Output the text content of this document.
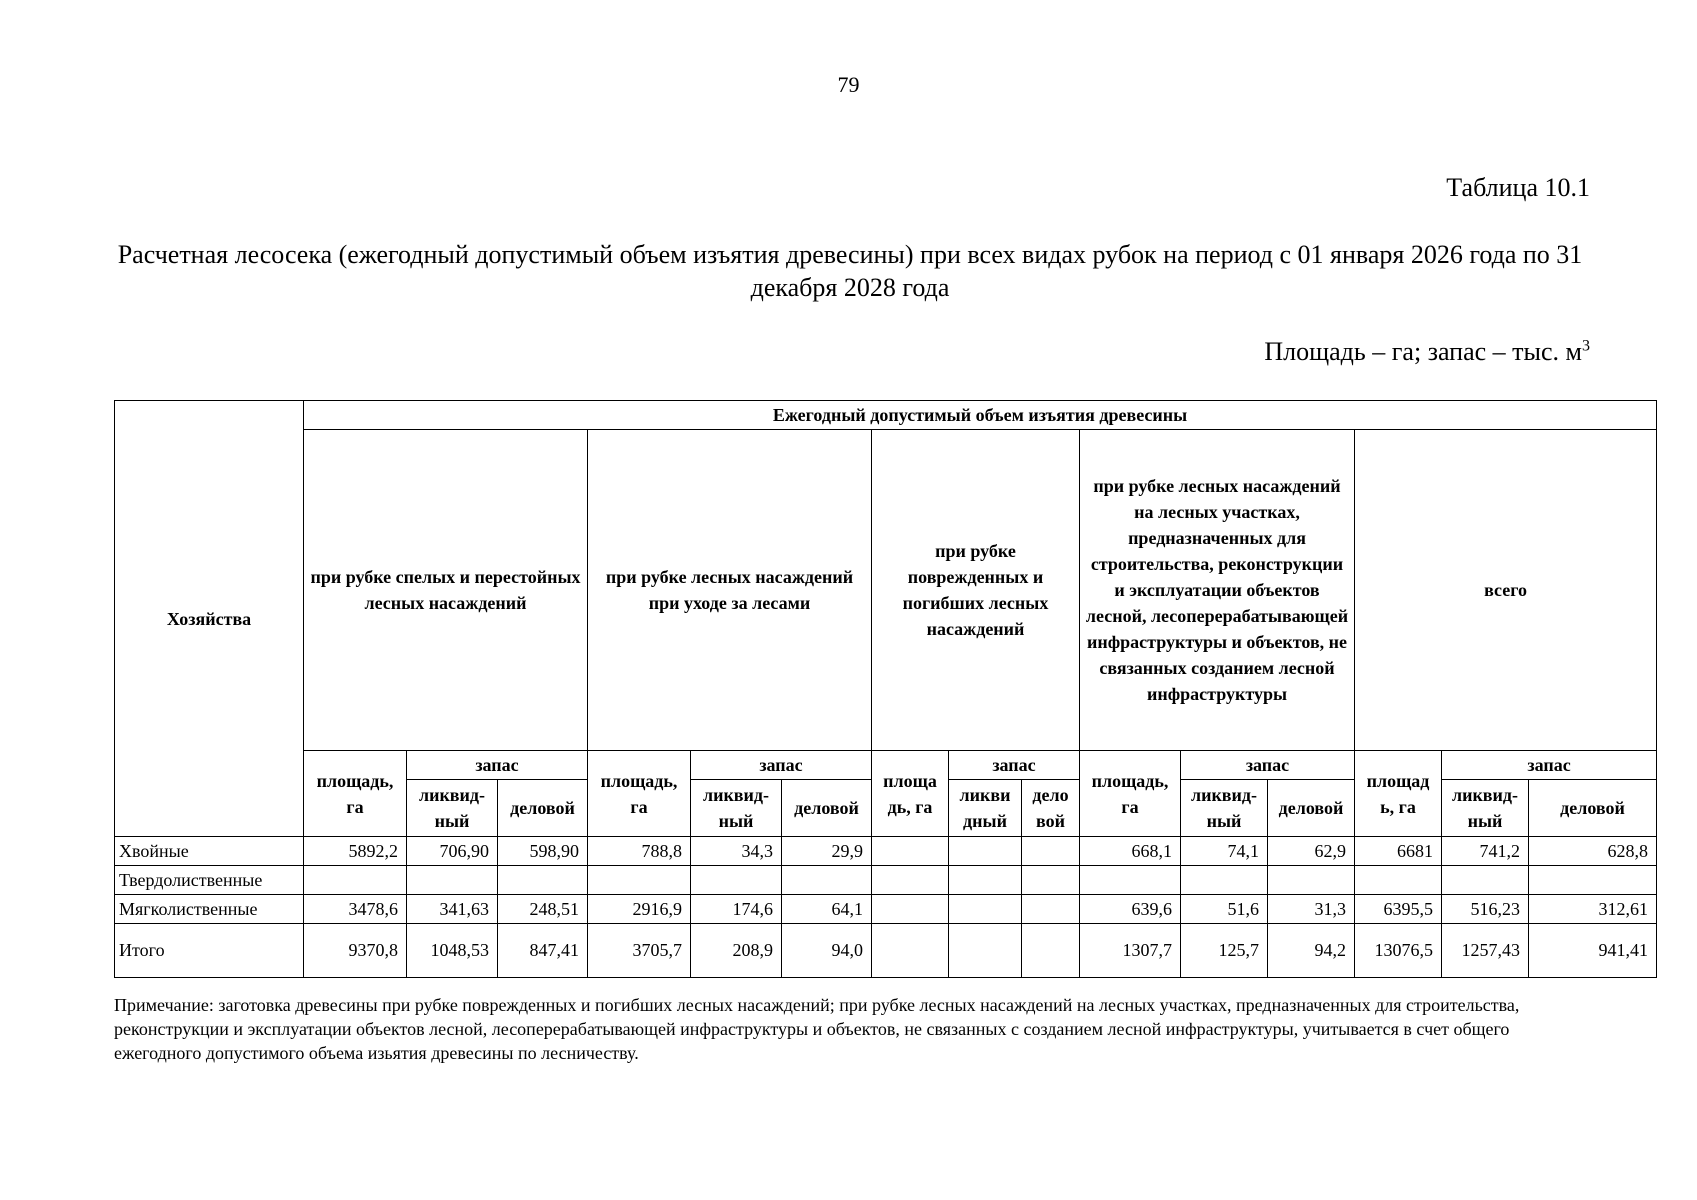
79
Таблица 10.1
Расчетная лесосека (ежегодный допустимый объем изъятия древесины) при всех видах рубок на период с 01 января 2026 года по 31 декабря 2028 года
Площадь – га; запас – тыс. $м^3$
Хозяйства	Ежегодный допустимый объем изъятия древесины														
	при рубке спелых и перестойных лесных насаждений			при рубке лесных насаждений при уходе за лесами			при рубке поврежденных и погибших лесных насаждений			при рубке лесных насаждений на лесных участках, предназначенных для строительства, реконструкции и эксплуатации объектов лесной, лесоперерабатывающей инфраструктуры и объектов, не связанных созданием лесной инфраструктуры			всего		
	площадь, га	запас		площадь, га	запас		площа дь, га	запас		площадь, га	запас		площад ь, га	запас	
		ликвид-ный	деловой		ликвид-ный	деловой		ликви дный	дело вой		ликвид-ный	деловой		ликвид-ный	деловой
Хвойные	5892,2	706,90	598,90	788,8	34,3	29,9				668,1	74,1	62,9	6681	741,2	628,8
Твердолиственные															
Мягколиственные	3478,6	341,63	248,51	2916,9	174,6	64,1				639,6	51,6	31,3	6395,5	516,23	312,61
Итого	9370,8	1048,53	847,41	3705,7	208,9	94,0				1307,7	125,7	94,2	13076,5	1257,43	941,41
Примечание: заготовка древесины при рубке поврежденных и погибших лесных насаждений; при рубке лесных насаждений на лесных участках, предназначенных для строительства, реконструкции и эксплуатации объектов лесной, лесоперерабатывающей инфраструктуры и объектов, не связанных с созданием лесной инфраструктуры, учитывается в счет общего ежегодного допустимого объема изьятия древесины по лесничеству.
